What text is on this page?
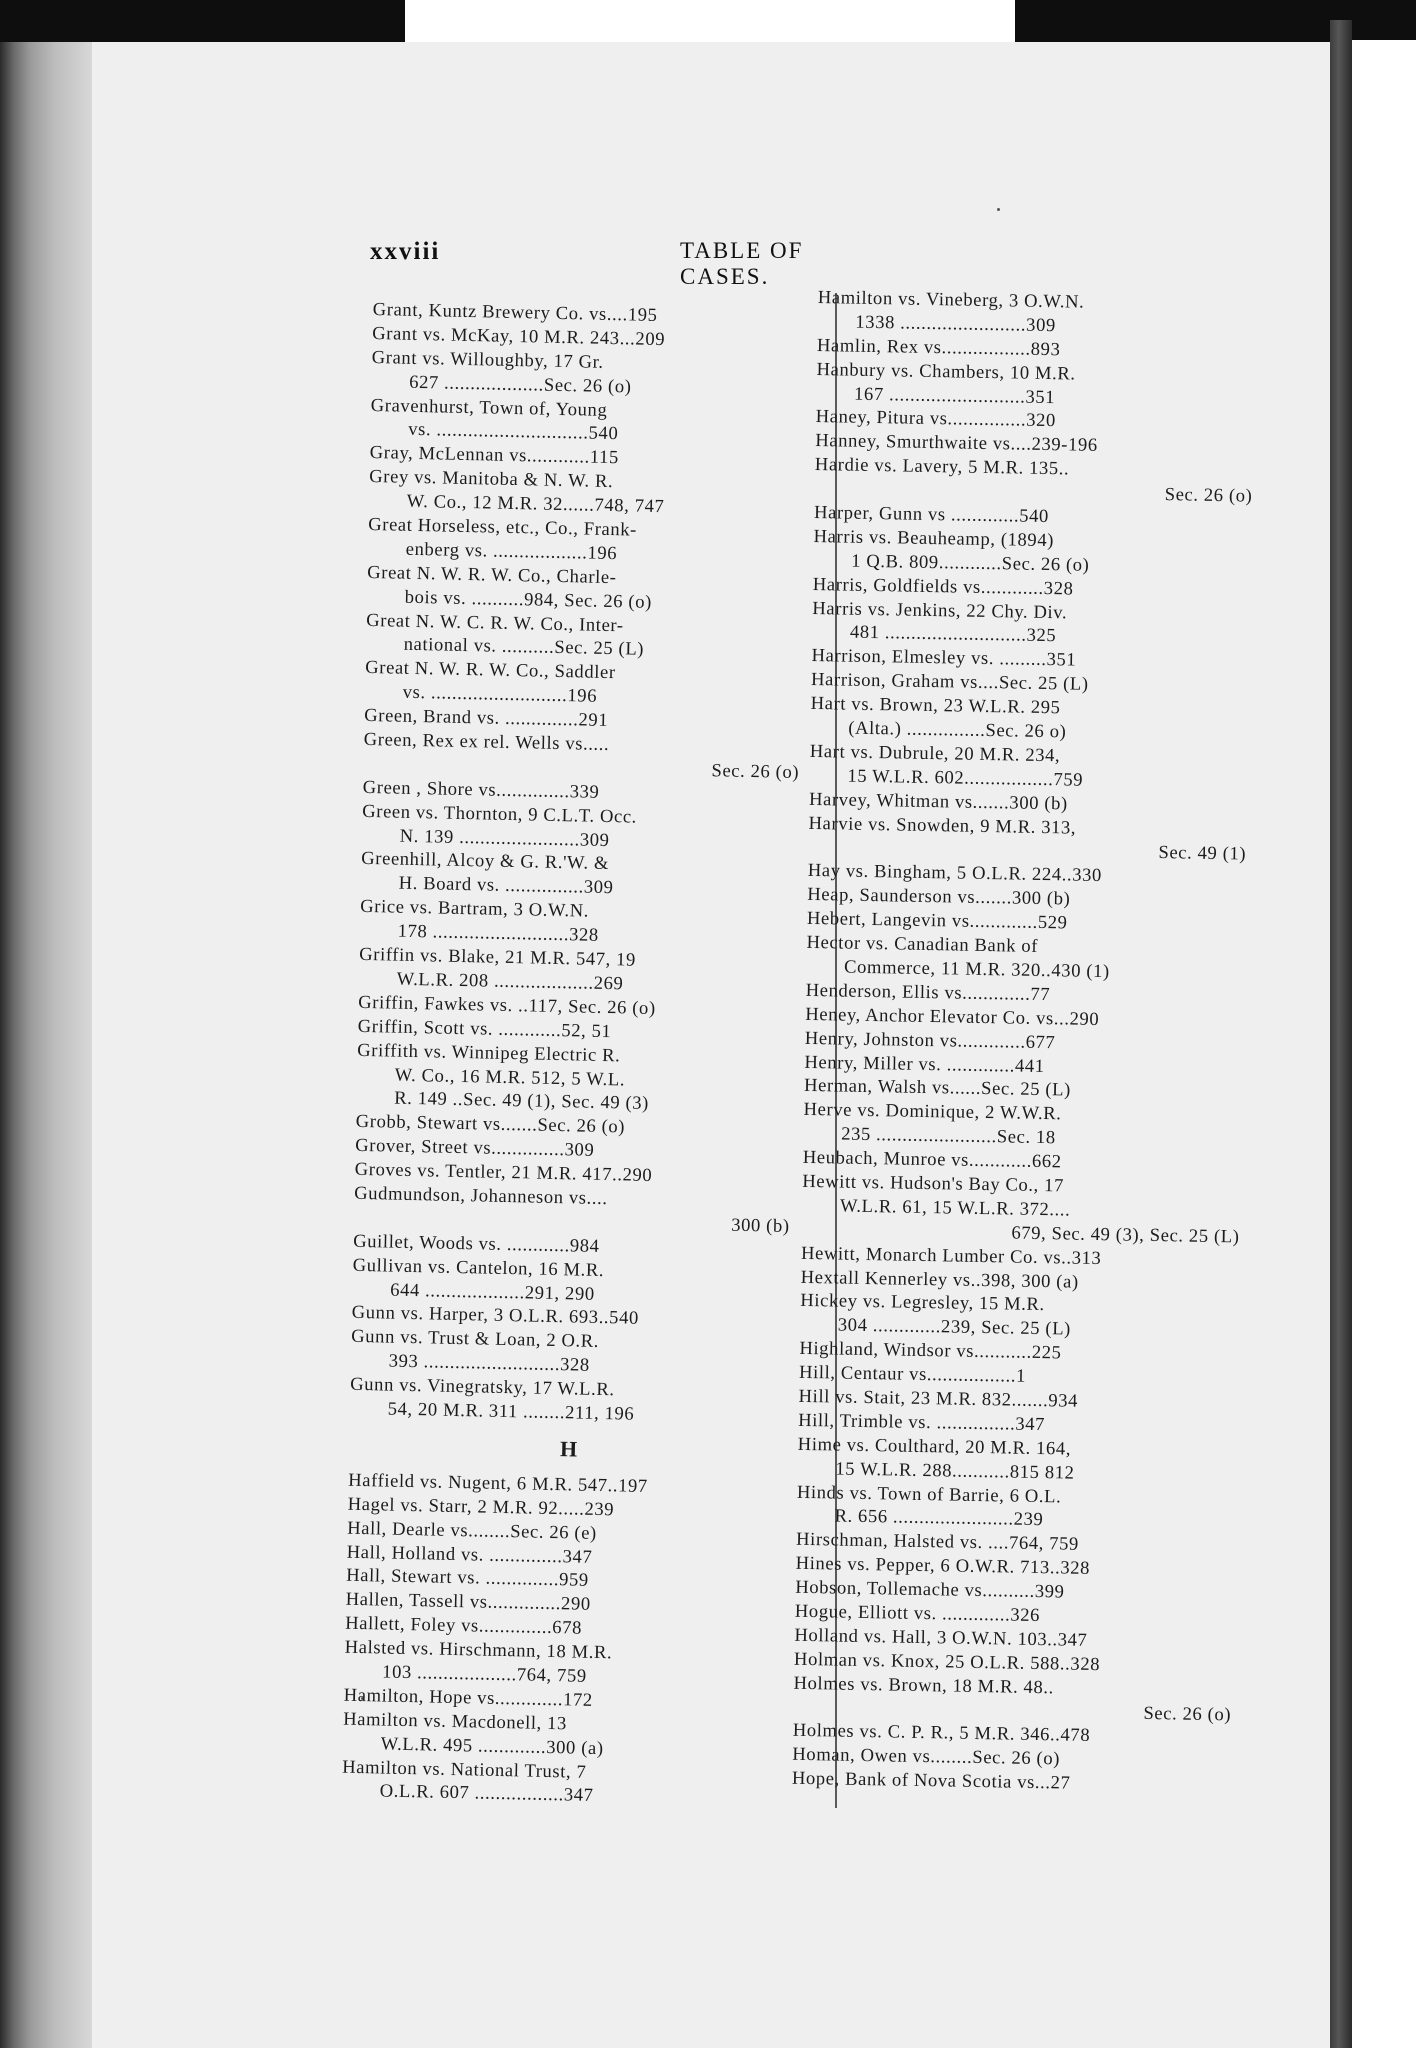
xxviii	TABLE OF CASES.
Grant, Kuntz Brewery Co. vs....195
Grant vs. McKay, 10 M.R. 243...209
Grant vs. Willoughby, 17 Gr.
627 ...................Sec. 26 (o)
Gravenhurst, Town of, Young
vs. .............................540
Gray, McLennan vs............115
Grey vs. Manitoba & N. W. R.
W. Co., 12 M.R. 32......748, 747
Great Horseless, etc., Co., Frank-
enberg vs. ..................196
Great N. W. R. W. Co., Charle-
bois vs. ..........984, Sec. 26 (o)
Great N. W. C. R. W. Co., Inter-
national vs. ..........Sec. 25 (L)
Great N. W. R. W. Co., Saddler
vs. ..........................196
Green, Brand vs. ..............291
Green, Rex ex rel. Wells vs.....
Sec. 26 (o)
Green , Shore vs..............339
Green vs. Thornton, 9 C.L.T. Occ.
N. 139 .......................309
Greenhill, Alcoy & G. R.'W. &
H. Board vs. ...............309
Grice vs. Bartram, 3 O.W.N.
178 ..........................328
Griffin vs. Blake, 21 M.R. 547, 19
W.L.R. 208 ...................269
Griffin, Fawkes vs. ..117, Sec. 26 (o)
Griffin, Scott vs. ............52, 51
Griffith vs. Winnipeg Electric R.
W. Co., 16 M.R. 512, 5 W.L.
R. 149 ..Sec. 49 (1), Sec. 49 (3)
Grobb, Stewart vs.......Sec. 26 (o)
Grover, Street vs..............309
Groves vs. Tentler, 21 M.R. 417..290
Gudmundson, Johanneson vs....
300 (b)
Guillet, Woods vs. ............984
Gullivan vs. Cantelon, 16 M.R.
644 ...................291, 290
Gunn vs. Harper, 3 O.L.R. 693..540
Gunn vs. Trust & Loan, 2 O.R.
393 ..........................328
Gunn vs. Vinegratsky, 17 W.L.R.
54, 20 M.R. 311 ........211, 196
H
Haffield vs. Nugent, 6 M.R. 547..197
Hagel vs. Starr, 2 M.R. 92.....239
Hall, Dearle vs........Sec. 26 (e)
Hall, Holland vs. ..............347
Hall, Stewart vs. ..............959
Hallen, Tassell vs..............290
Hallett, Foley vs..............678
Halsted vs. Hirschmann, 18 M.R.
103 ...................764, 759
Hamilton, Hope vs.............172
Hamilton vs. Macdonell, 13
W.L.R. 495 .............300 (a)
Hamilton vs. National Trust, 7
O.L.R. 607 .................347
Hamilton vs. Vineberg, 3 O.W.N.
1338 ........................309
Hamlin, Rex vs.................893
Hanbury vs. Chambers, 10 M.R.
167 ..........................351
Haney, Pitura vs...............320
Hanney, Smurthwaite vs....239-196
Hardie vs. Lavery, 5 M.R. 135..
Sec. 26 (o)
Harper, Gunn vs .............540
Harris vs. Beauheamp, (1894)
1 Q.B. 809............Sec. 26 (o)
Harris, Goldfields vs............328
Harris vs. Jenkins, 22 Chy. Div.
481 ...........................325
Harrison, Elmesley vs. .........351
Harrison, Graham vs....Sec. 25 (L)
Hart vs. Brown, 23 W.L.R. 295
(Alta.) ...............Sec. 26 o)
Hart vs. Dubrule, 20 M.R. 234,
15 W.L.R. 602.................759
Harvey, Whitman vs.......300 (b)
Harvie vs. Snowden, 9 M.R. 313,
Sec. 49 (1)
Hay vs. Bingham, 5 O.L.R. 224..330
Heap, Saunderson vs.......300 (b)
Hebert, Langevin vs.............529
Hector vs. Canadian Bank of
Commerce, 11 M.R. 320..430 (1)
Henderson, Ellis vs.............77
Heney, Anchor Elevator Co. vs...290
Henry, Johnston vs.............677
Henry, Miller vs. .............441
Herman, Walsh vs......Sec. 25 (L)
Herve vs. Dominique, 2 W.W.R.
235 .......................Sec. 18
Heubach, Munroe vs............662
Hewitt vs. Hudson's Bay Co., 17
W.L.R. 61, 15 W.L.R. 372....
679, Sec. 49 (3), Sec. 25 (L)
Hewitt, Monarch Lumber Co. vs..313
Hextall Kennerley vs..398, 300 (a)
Hickey vs. Legresley, 15 M.R.
304 .............239, Sec. 25 (L)
Highland, Windsor vs...........225
Hill, Centaur vs.................1
Hill vs. Stait, 23 M.R. 832.......934
Hill, Trimble vs. ...............347
Hime vs. Coulthard, 20 M.R. 164,
15 W.L.R. 288...........815 812
Hinds vs. Town of Barrie, 6 O.L.
R. 656 .......................239
Hirschman, Halsted vs. ....764, 759
Hines vs. Pepper, 6 O.W.R. 713..328
Hobson, Tollemache vs..........399
Hogue, Elliott vs. .............326
Holland vs. Hall, 3 O.W.N. 103..347
Holman vs. Knox, 25 O.L.R. 588..328
Holmes vs. Brown, 18 M.R. 48..
Sec. 26 (o)
Holmes vs. C. P. R., 5 M.R. 346..478
Homan, Owen vs........Sec. 26 (o)
Hope, Bank of Nova Scotia vs...27
